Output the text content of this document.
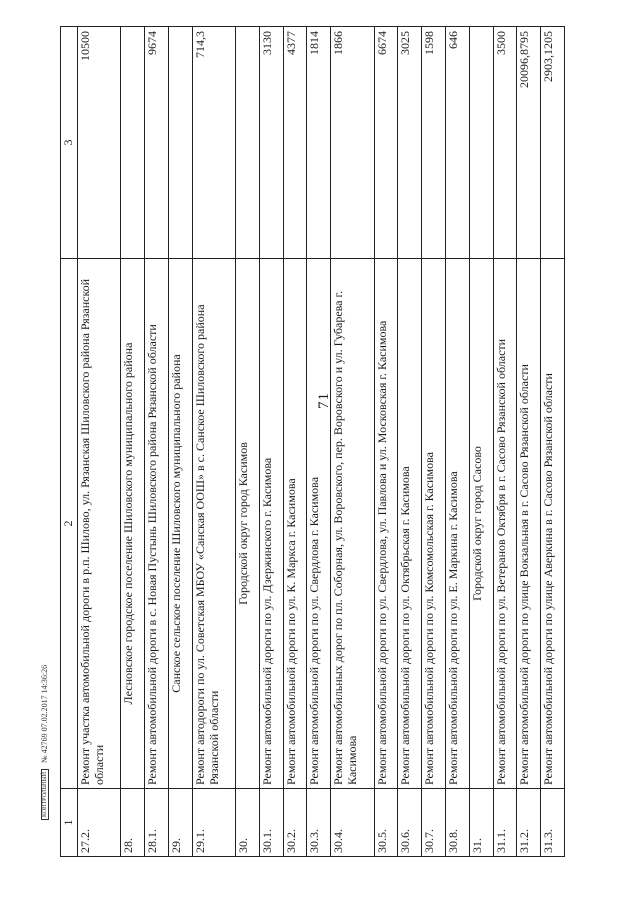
71
1	2	3
27.2.	Ремонт участка автомобильной дороги в р.п. Шилово, ул. Рязанская Шиловского района Рязанской области	10500
28.	Лесновское городское поселение Шиловского муниципального района	
28.1.	Ремонт автомобильной дороги в с. Новая Пустынь Шиловского района Рязанской области	9674
29.	Санское сельское поселение Шиловского муниципального района	
29.1.	Ремонт автодороги по ул. Советская МБОУ «Санская ООШ» в с. Санское Шиловского района Рязанской области	714,3
30.	Городской округ город Касимов	
30.1.	Ремонт автомобильной дороги по ул. Дзержинского г. Касимова	3130
30.2.	Ремонт автомобильной дороги по ул. К. Маркса г. Касимова	4377
30.3.	Ремонт автомобильной дороги по ул. Свердлова г. Касимова	1814
30.4.	Ремонт автомобильных дорог по пл. Соборная, ул. Воровского, пер. Воровского и ул. Губарева г. Касимова	1866
30.5.	Ремонт автомобильной дороги по ул. Свердлова, ул. Павлова и ул. Московская г. Касимова	6674
30.6.	Ремонт автомобильной дороги по ул. Октябрьская г. Касимова	3025
30.7.	Ремонт автомобильной дороги по ул. Комсомольская г. Касимова	1598
30.8.	Ремонт автомобильной дороги по ул. Е. Маркина г. Касимова	646
31.	Городской округ город Сасово	
31.1.	Ремонт автомобильной дороги по ул. Ветеранов Октября в г. Сасово Рязанской области	3500
31.2.	Ремонт автомобильной дороги по улице Вокзальная в г. Сасово Рязанской области	20096,8795
31.3.	Ремонт автомобильной дороги по улице Аверкина в г. Сасово Рязанской области	2903,1205
КОНТРОЛЬНЫЙ № 42769 07.02.2017 14:36:26
